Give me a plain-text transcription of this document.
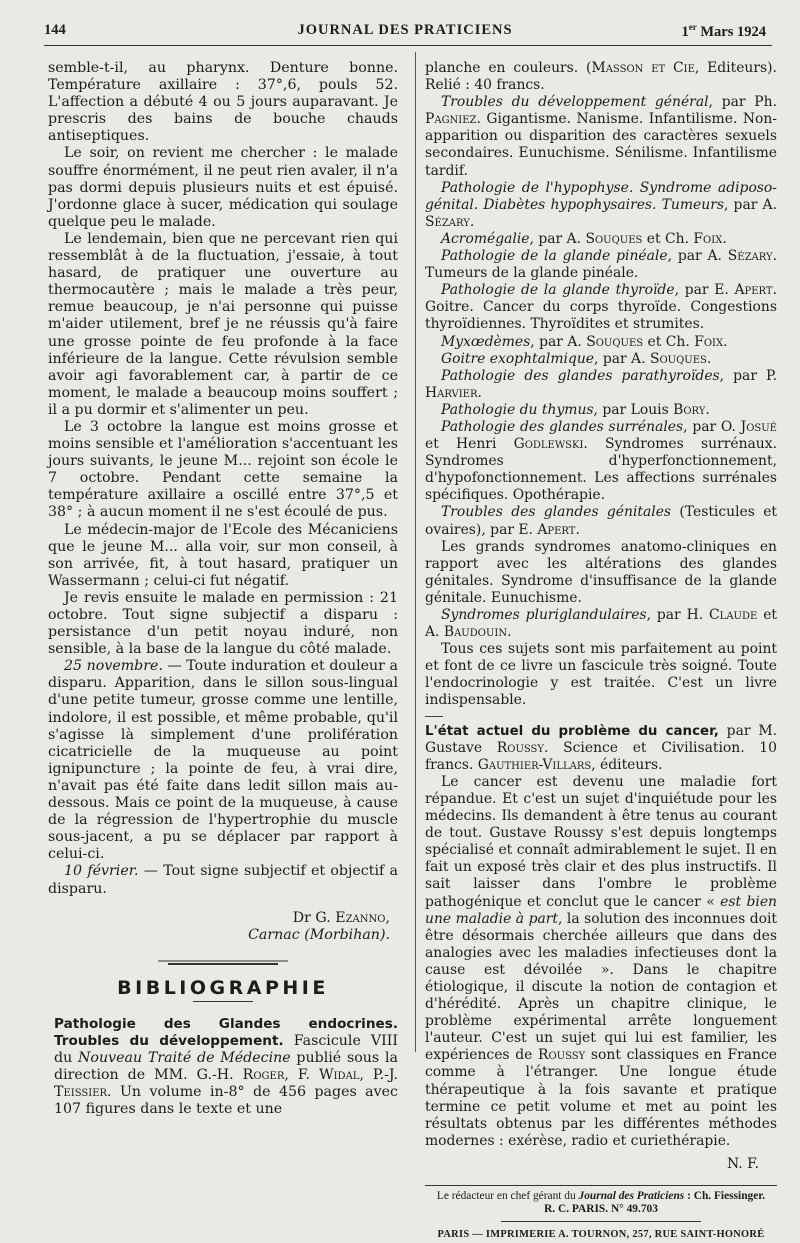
144	JOURNAL DES PRATICIENS	1er Mars 1924

semble-t-il, au pharynx. Denture bonne. Température axillaire : 37°,6, pouls 52. L'affection a débuté 4 ou 5 jours auparavant. Je prescris des bains de bouche chauds antiseptiques.

Le soir, on revient me chercher : le malade souffre énormément, il ne peut rien avaler, il n'a pas dormi depuis plusieurs nuits et est épuisé. J'ordonne glace à sucer, médication qui soulage quelque peu le malade.

Le lendemain, bien que ne percevant rien qui ressemblât à de la fluctuation, j'essaie, à tout hasard, de pratiquer une ouverture au thermocautère ; mais le malade a très peur, remue beaucoup, je n'ai personne qui puisse m'aider utilement, bref je ne réussis qu'à faire une grosse pointe de feu profonde à la face inférieure de la langue. Cette révulsion semble avoir agi favorablement car, à partir de ce moment, le malade a beaucoup moins souffert ; il a pu dormir et s'alimenter un peu.

Le 3 octobre la langue est moins grosse et moins sensible et l'amélioration s'accentuant les jours suivants, le jeune M... rejoint son école le 7 octobre. Pendant cette semaine la température axillaire a oscillé entre 37°,5 et 38° ; à aucun moment il ne s'est écoulé de pus.

Le médecin-major de l'Ecole des Mécaniciens que le jeune M... alla voir, sur mon conseil, à son arrivée, fit, à tout hasard, pratiquer un Wassermann ; celui-ci fut négatif.

Je revis ensuite le malade en permission : 21 octobre. Tout signe subjectif a disparu : persistance d'un petit noyau induré, non sensible, à la base de la langue du côté malade.

25 novembre. — Toute induration et douleur a disparu. Apparition, dans le sillon sous-lingual d'une petite tumeur, grosse comme une lentille, indolore, il est possible, et même probable, qu'il s'agisse là simplement d'une prolifération cicatricielle de la muqueuse au point ignipuncture ; la pointe de feu, à vrai dire, n'avait pas été faite dans ledit sillon mais au-dessous. Mais ce point de la muqueuse, à cause de la régression de l'hypertrophie du muscle sous-jacent, a pu se déplacer par rapport à celui-ci.

10 février. — Tout signe subjectif et objectif a disparu.

Dr G. Ezanno,
Carnac (Morbihan).
BIBLIOGRAPHIE

Pathologie des Glandes endocrines. Troubles du développement. Fascicule VIII du Nouveau Traité de Médecine publié sous la direction de MM. G.-H. Roger, F. Widal, P.-J. Teissier. Un volume in-8° de 456 pages avec 107 figures dans le texte et une

planche en couleurs. (Masson et Cie, Editeurs). Relié : 40 francs.

Troubles du développement général, par Ph. Pagniez. Gigantisme. Nanisme. Infantilisme. Non-apparition ou disparition des caractères sexuels secondaires. Eunuchisme. Sénilisme. Infantilisme tardif.

Pathologie de l'hypophyse. Syndrome adiposo-génital. Diabètes hypophysaires. Tumeurs, par A. Sézary.

Acromégalie, par A. Souques et Ch. Foix.

Pathologie de la glande pinéale, par A. Sézary. Tumeurs de la glande pinéale.

Pathologie de la glande thyroïde, par E. Apert. Goitre. Cancer du corps thyroïde. Congestions thyroïdiennes. Thyroïdites et strumites.

Myxœdèmes, par A. Souques et Ch. Foix.

Goitre exophtalmique, par A. Souques.

Pathologie des glandes parathyroïdes, par P. Harvier.

Pathologie du thymus, par Louis Bory.

Pathologie des glandes surrénales, par O. Josué et Henri Godlewski. Syndromes surrénaux. Syndromes d'hyperfonctionnement, d'hypofonctionnement. Les affections surrénales spécifiques. Opothérapie.

Troubles des glandes génitales (Testicules et ovaires), par E. Apert.

Les grands syndromes anatomo-cliniques en rapport avec les altérations des glandes génitales. Syndrome d'insuffisance de la glande génitale. Eunuchisme.

Syndromes pluriglandulaires, par H. Claude et A. Baudouin.

Tous ces sujets sont mis parfaitement au point et font de ce livre un fascicule très soigné. Toute l'endocrinologie y est traitée. C'est un livre indispensable.

L'état actuel du problème du cancer, par M. Gustave Roussy. Science et Civilisation. 10 francs. Gauthier-Villars, éditeurs.

Le cancer est devenu une maladie fort répandue. Et c'est un sujet d'inquiétude pour les médecins. Ils demandent à être tenus au courant de tout. Gustave Roussy s'est depuis longtemps spécialisé et connaît admirablement le sujet. Il en fait un exposé très clair et des plus instructifs. Il sait laisser dans l'ombre le problème pathogénique et conclut que le cancer « est bien une maladie à part, la solution des inconnues doit être désormais cherchée ailleurs que dans des analogies avec les maladies infectieuses dont la cause est dévoilée ». Dans le chapitre étiologique, il discute la notion de contagion et d'hérédité. Après un chapitre clinique, le problème expérimental arrête longuement l'auteur. C'est un sujet qui lui est familier, les expériences de Roussy sont classiques en France comme à l'étranger. Une longue étude thérapeutique à la fois savante et pratique termine ce petit volume et met au point les résultats obtenus par les différentes méthodes modernes : exérèse, radio et curiethérapie.

N. F.
Le rédacteur en chef gérant du Journal des Praticiens : Ch. Fiessinger.
R. C. PARIS. N° 49.703
PARIS — IMPRIMERIE A. TOURNON, 257, RUE SAINT-HONORÉ
